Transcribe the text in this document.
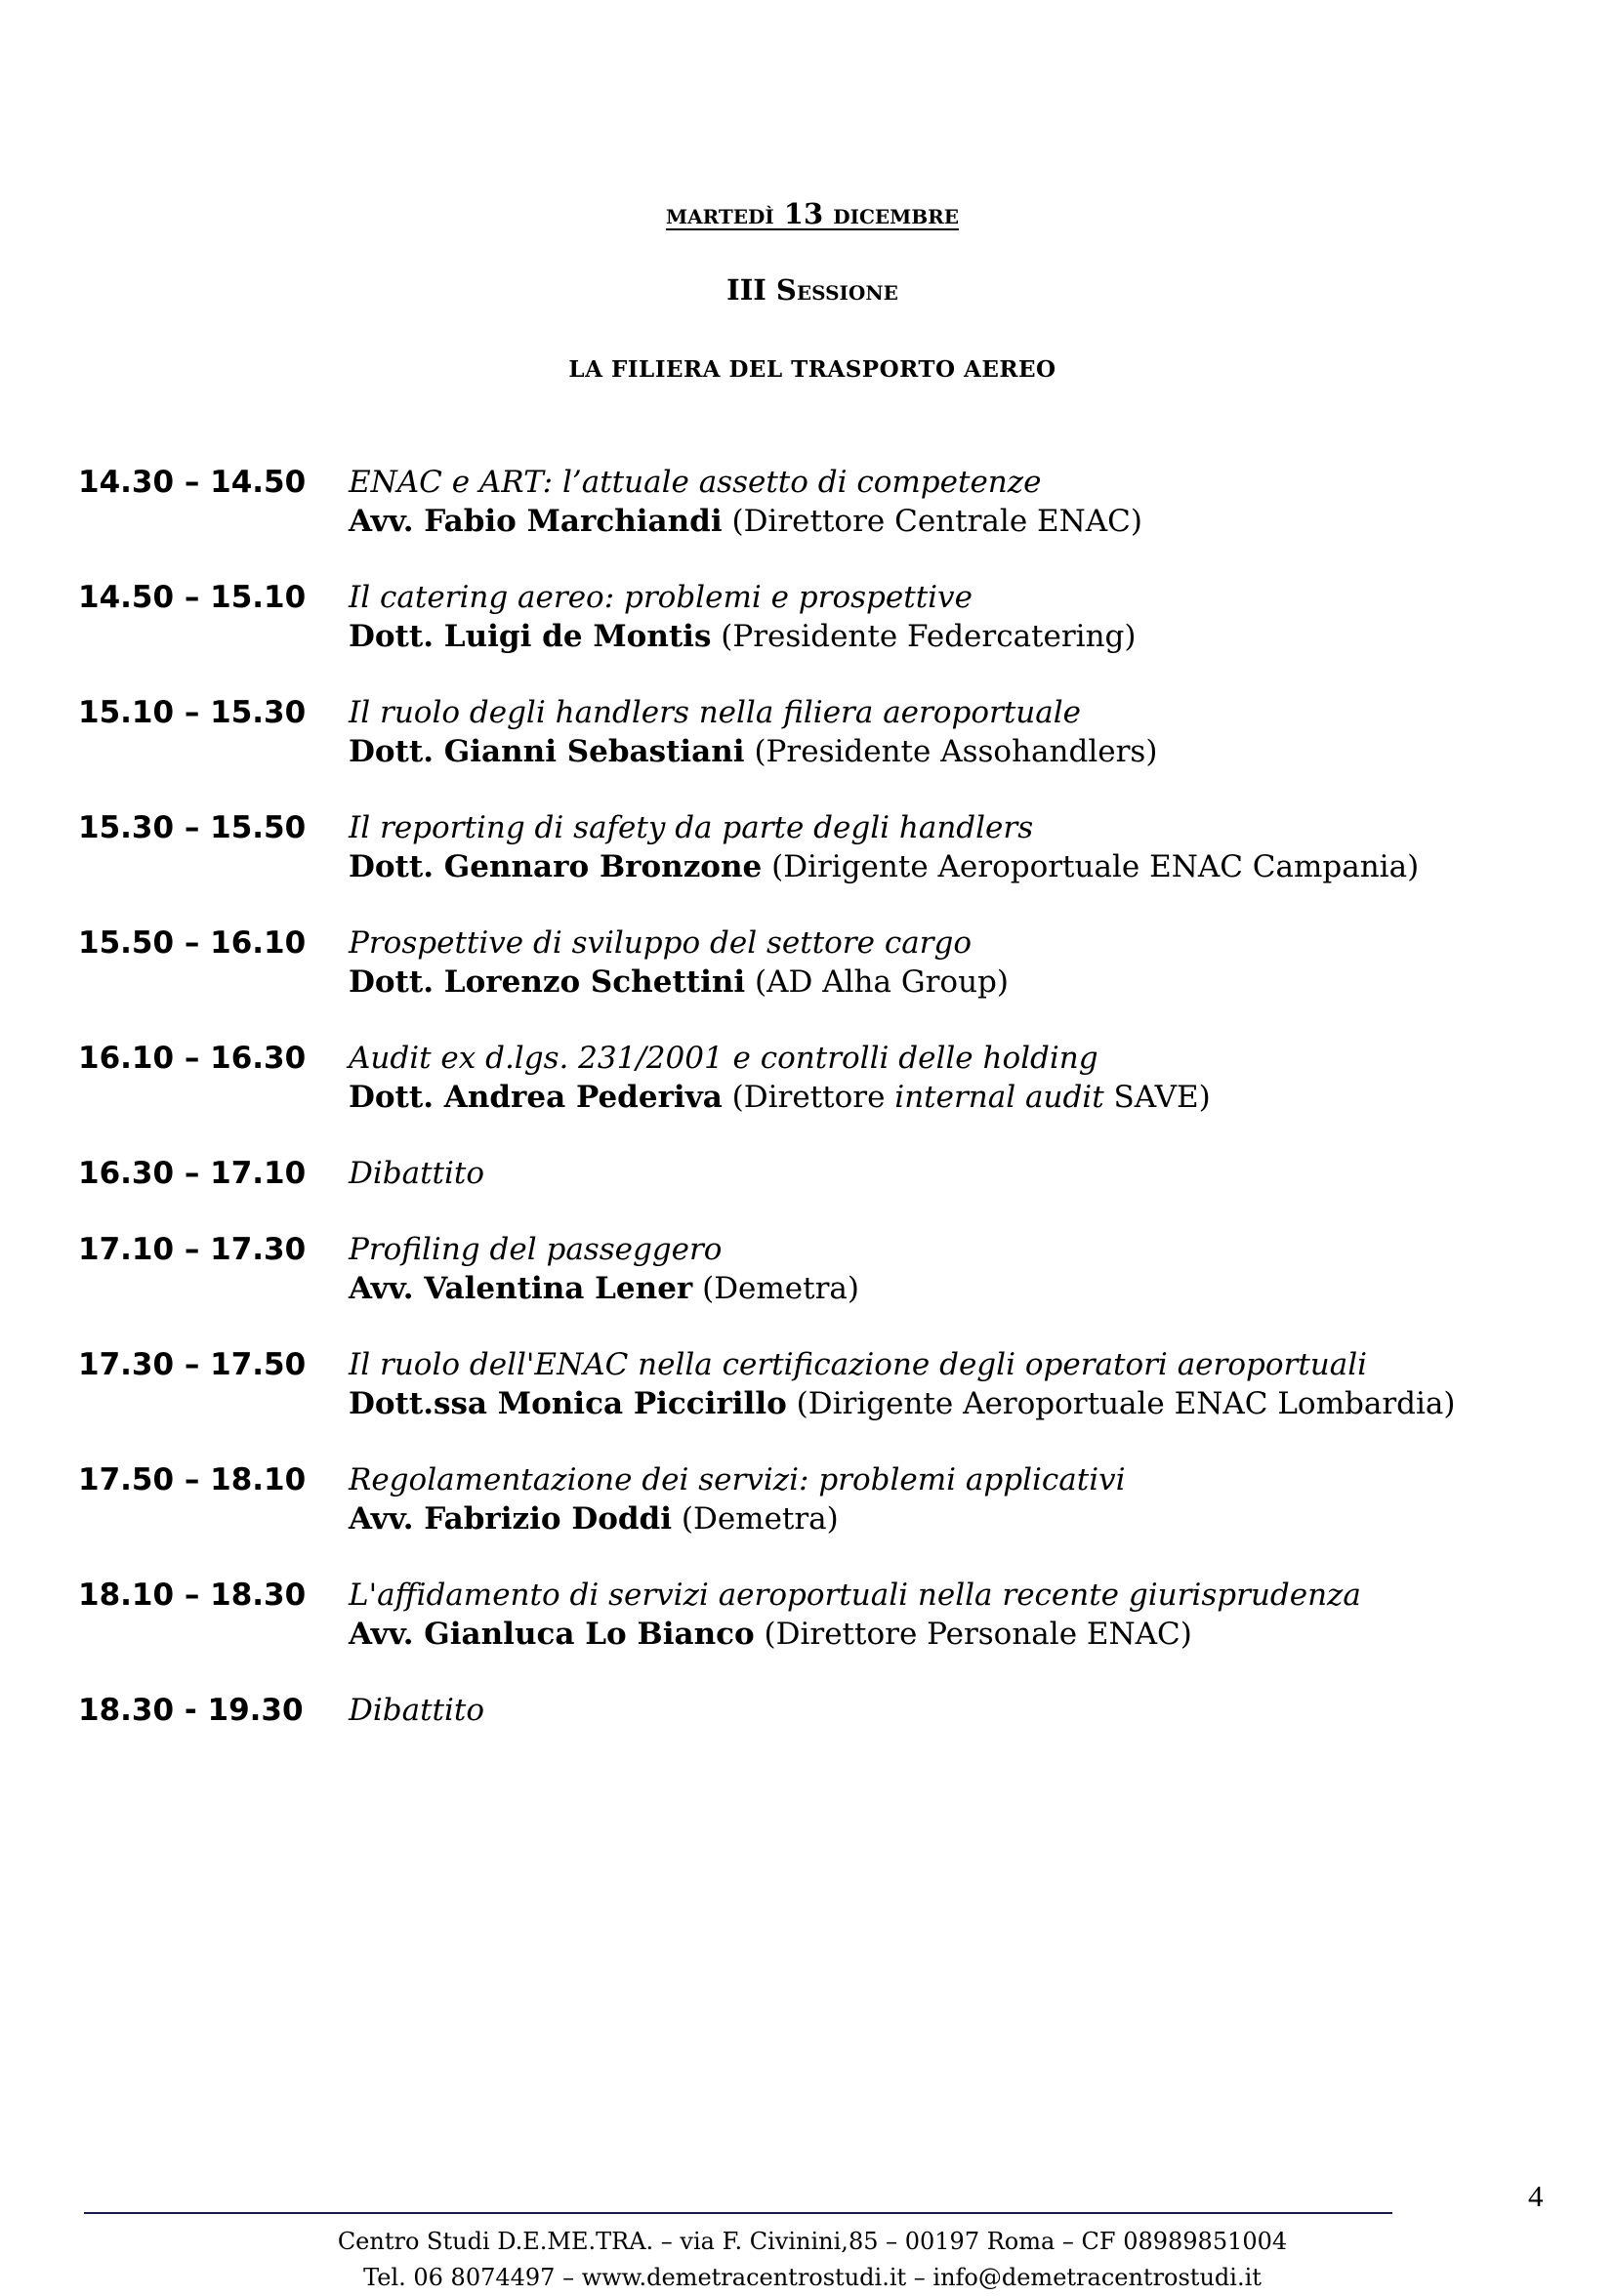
martedì 13 dicembre
III Sessione
LA FILIERA DEL TRASPORTO AEREO
14.30 – 14.50	ENAC e ART: l’attuale assetto di competenze
Avv. Fabio Marchiandi (Direttore Centrale ENAC)
14.50 – 15.10	Il catering aereo: problemi e prospettive
Dott. Luigi de Montis (Presidente Federcatering)
15.10 – 15.30	Il ruolo degli handlers nella filiera aeroportuale
Dott. Gianni Sebastiani (Presidente Assohandlers)
15.30 – 15.50	Il reporting di safety da parte degli handlers
Dott. Gennaro Bronzone (Dirigente Aeroportuale ENAC Campania)
15.50 – 16.10	Prospettive di sviluppo del settore cargo
Dott. Lorenzo Schettini (AD Alha Group)
16.10 – 16.30	Audit ex d.lgs. 231/2001 e controlli delle holding
Dott. Andrea Pederiva (Direttore internal audit SAVE)
16.30 – 17.10	Dibattito
17.10 – 17.30	Profiling del passeggero
Avv. Valentina Lener (Demetra)
17.30 – 17.50	Il ruolo dell'ENAC nella certificazione degli operatori aeroportuali
Dott.ssa Monica Piccirillo (Dirigente Aeroportuale ENAC Lombardia)
17.50 – 18.10	Regolamentazione dei servizi: problemi applicativi
Avv. Fabrizio Doddi (Demetra)
18.10 – 18.30	L'affidamento di servizi aeroportuali nella recente giurisprudenza
Avv. Gianluca Lo Bianco (Direttore Personale ENAC)
18.30 - 19.30	Dibattito
4
Centro Studi D.E.ME.TRA. – via F. Civinini,85 – 00197 Roma – CF 08989851004
Tel. 06 8074497 – www.demetracentrostudi.it – info@demetracentrostudi.it
